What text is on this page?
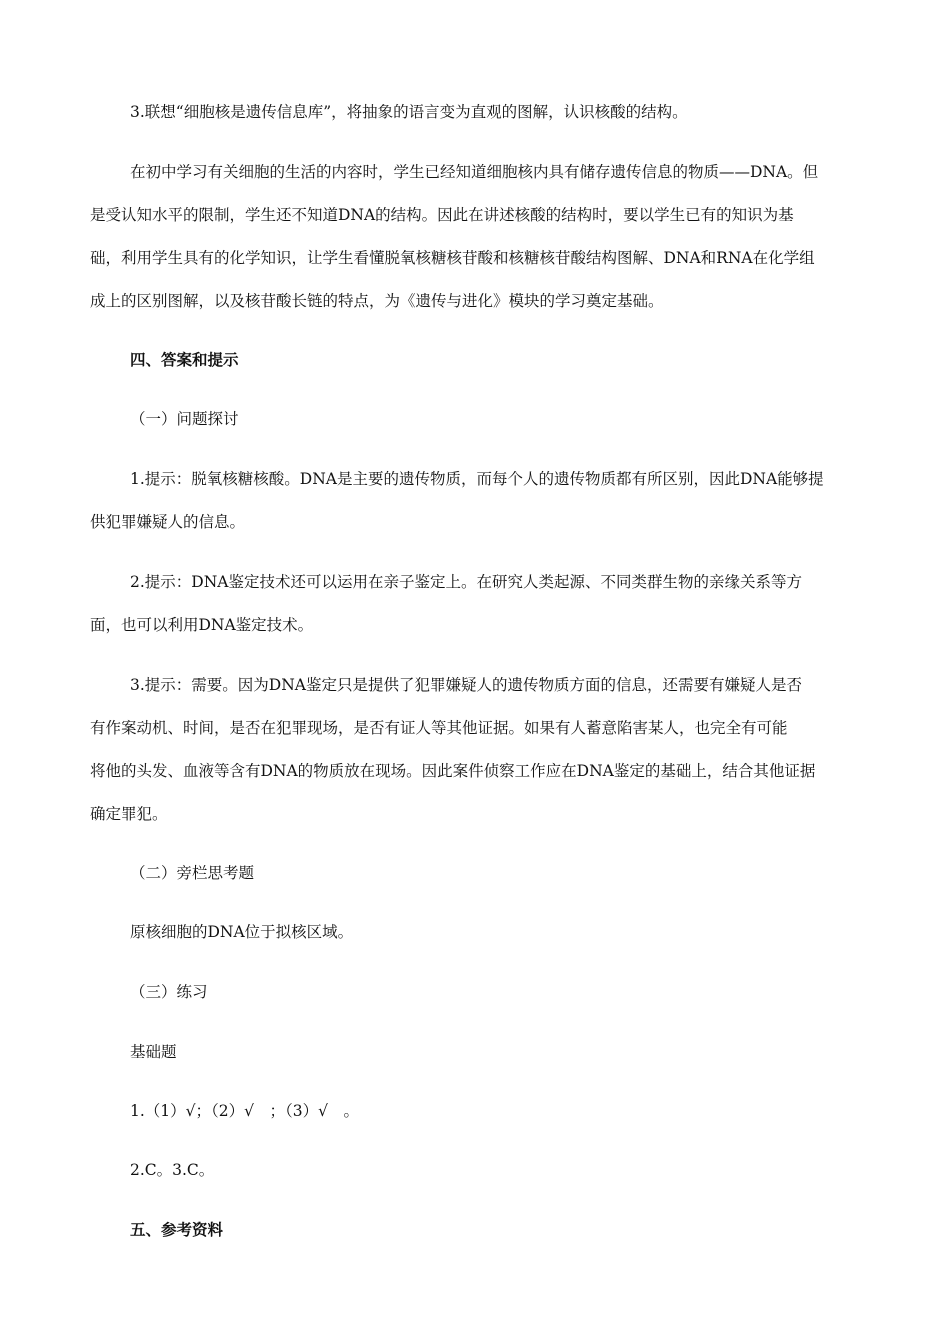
3.联想“细胞核是遗传信息库”，将抽象的语言变为直观的图解，认识核酸的结构。
在初中学习有关细胞的生活的内容时，学生已经知道细胞核内具有储存遗传信息的物质——DNA。但
是受认知水平的限制，学生还不知道DNA的结构。因此在讲述核酸的结构时，要以学生已有的知识为基
础，利用学生具有的化学知识，让学生看懂脱氧核糖核苷酸和核糖核苷酸结构图解、DNA和RNA在化学组
成上的区别图解，以及核苷酸长链的特点，为《遗传与进化》模块的学习奠定基础。
四、答案和提示
（一）问题探讨
1.提示：脱氧核糖核酸。DNA是主要的遗传物质，而每个人的遗传物质都有所区别，因此DNA能够提
供犯罪嫌疑人的信息。
2.提示：DNA鉴定技术还可以运用在亲子鉴定上。在研究人类起源、不同类群生物的亲缘关系等方
面，也可以利用DNA鉴定技术。
3.提示：需要。因为DNA鉴定只是提供了犯罪嫌疑人的遗传物质方面的信息，还需要有嫌疑人是否
有作案动机、时间，是否在犯罪现场，是否有证人等其他证据。如果有人蓄意陷害某人，也完全有可能
将他的头发、血液等含有DNA的物质放在现场。因此案件侦察工作应在DNA鉴定的基础上，结合其他证据
确定罪犯。
（二）旁栏思考题
原核细胞的DNA位于拟核区域。
（三）练习
基础题
1.（1）√；（2）√　；（3）√　。
2.C。3.C。
五、参考资料
